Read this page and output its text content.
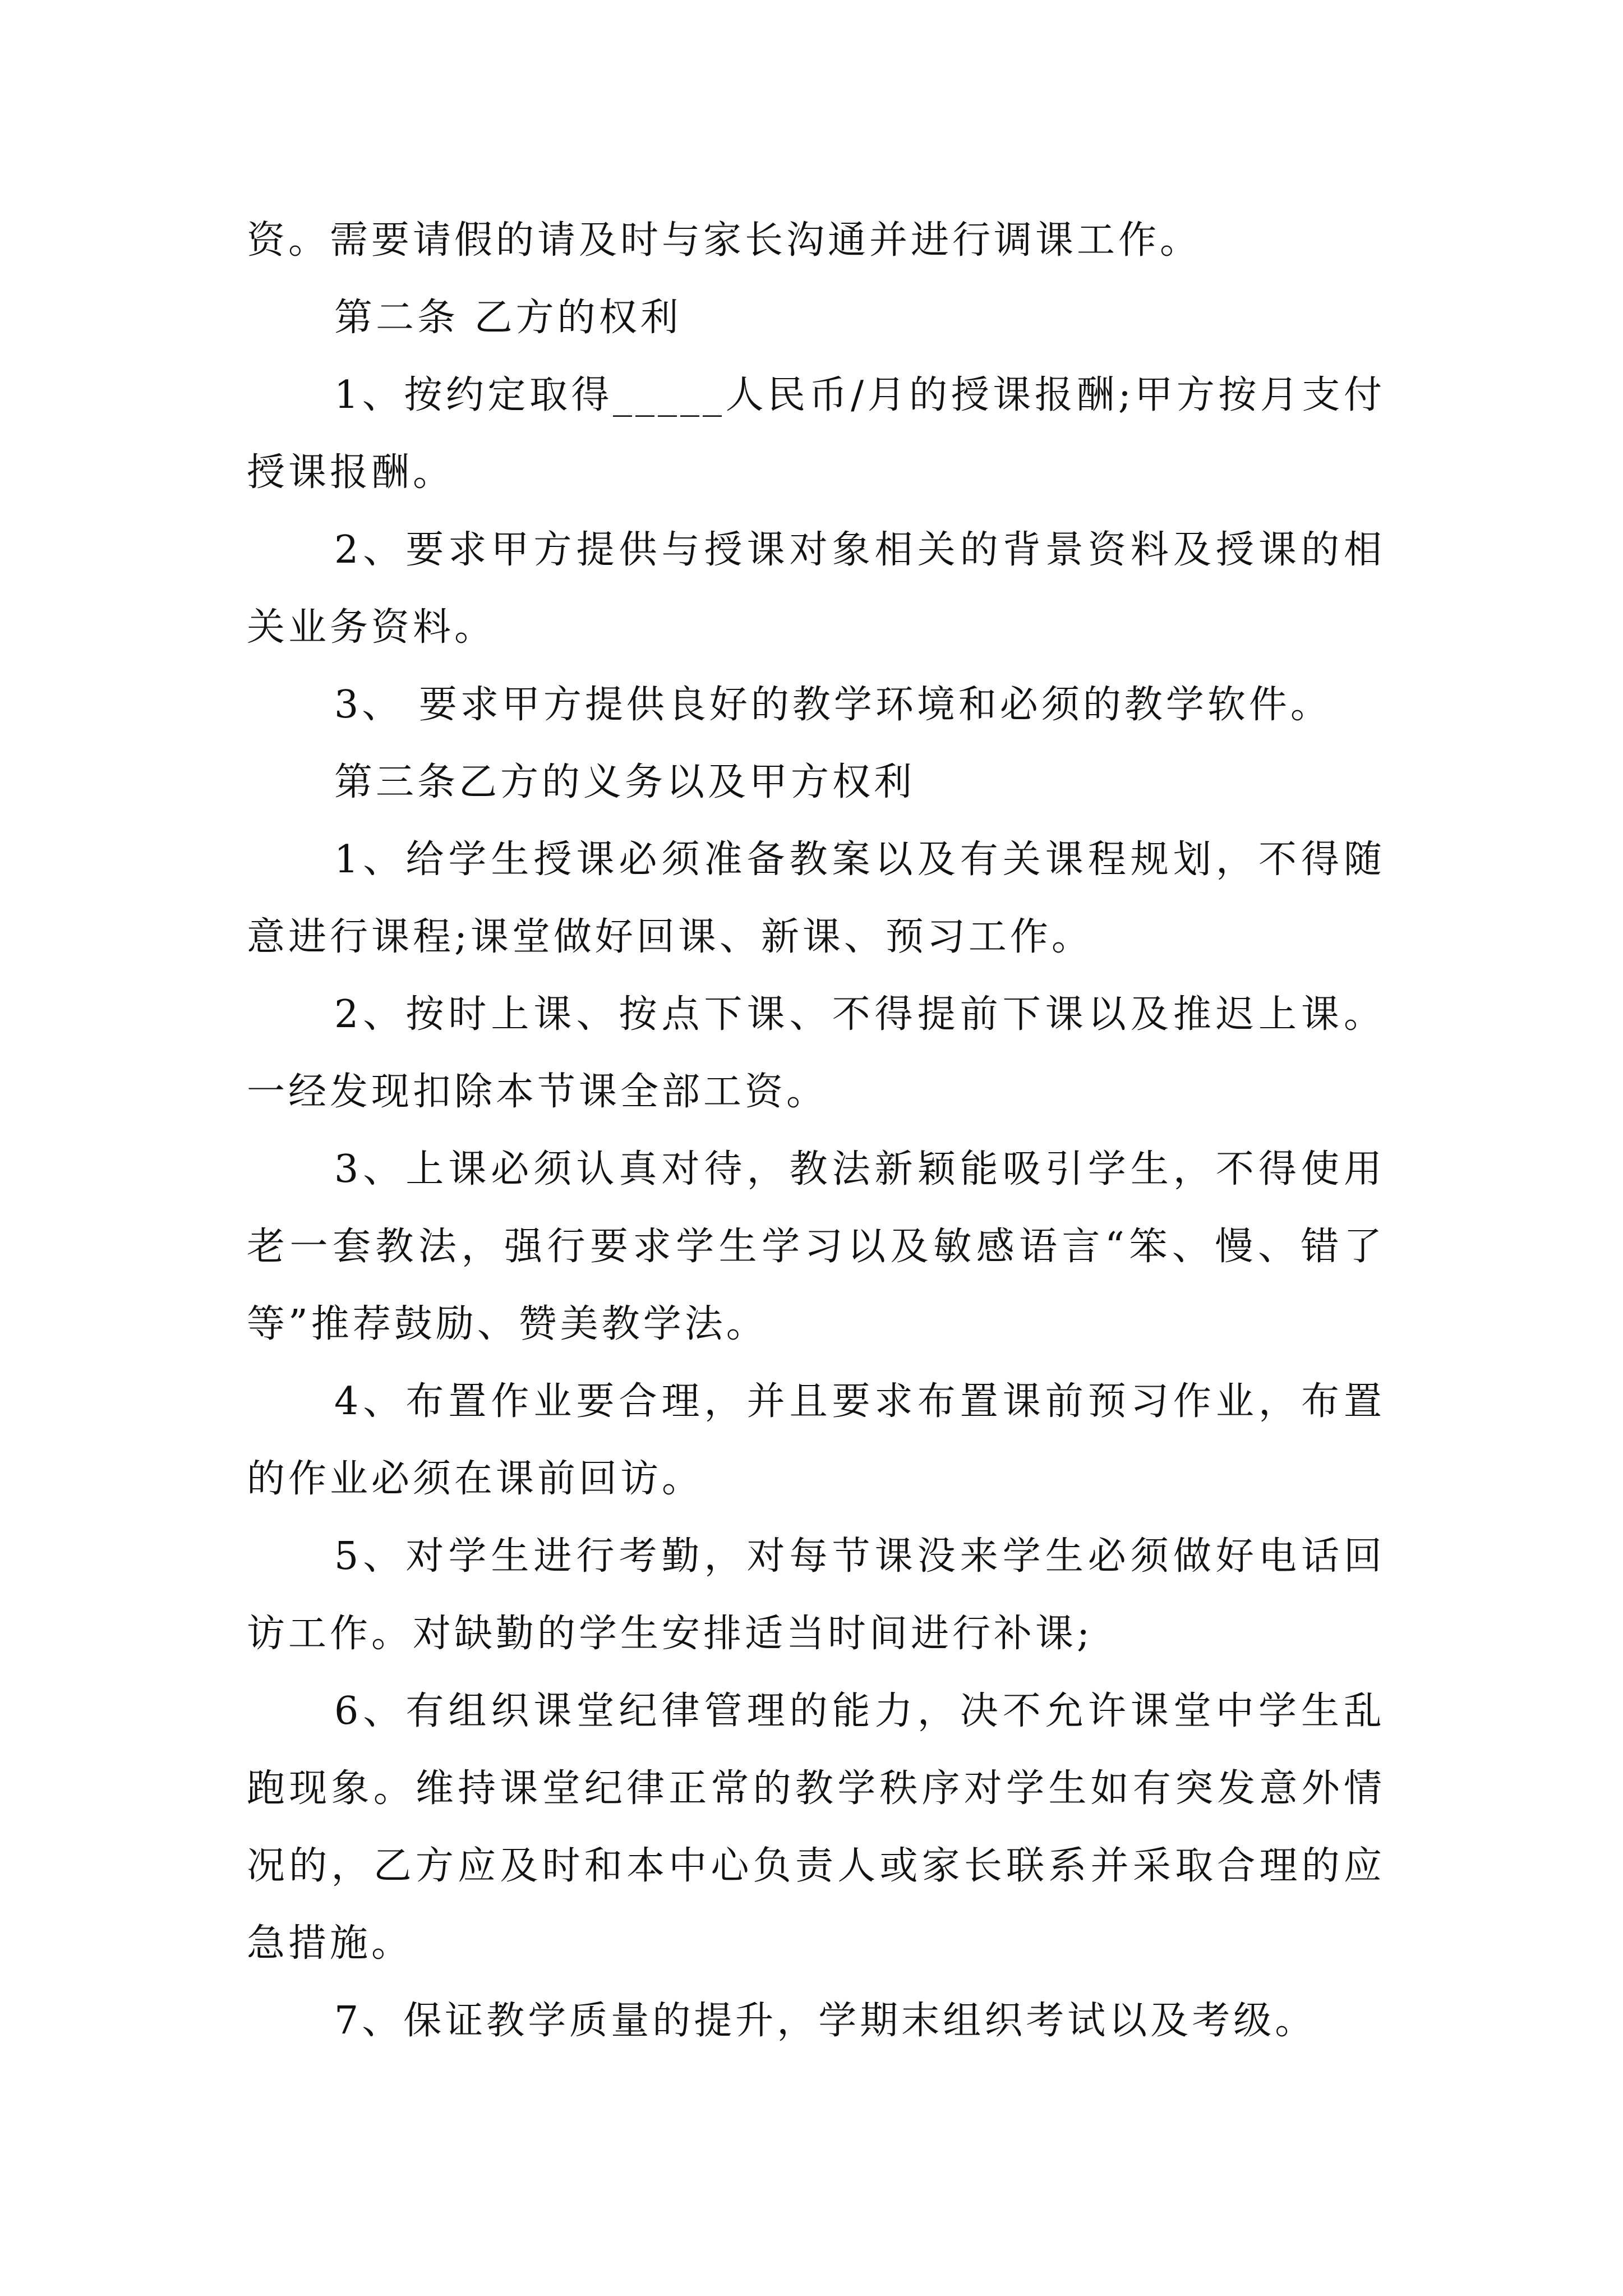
资。需要请假的请及时与家长沟通并进行调课工作。

第二条 乙方的权利

1、按约定取得_____人民币/月的授课报酬;甲方按月支付授课报酬。

2、要求甲方提供与授课对象相关的背景资料及授课的相关业务资料。

3、 要求甲方提供良好的教学环境和必须的教学软件。

第三条乙方的义务以及甲方权利

1、给学生授课必须准备教案以及有关课程规划，不得随意进行课程;课堂做好回课、新课、预习工作。

2、按时上课、按点下课、不得提前下课以及推迟上课。一经发现扣除本节课全部工资。

3、上课必须认真对待，教法新颖能吸引学生，不得使用老一套教法，强行要求学生学习以及敏感语言“笨、慢、错了等”推荐鼓励、赞美教学法。

4、布置作业要合理，并且要求布置课前预习作业，布置的作业必须在课前回访。

5、对学生进行考勤，对每节课没来学生必须做好电话回访工作。对缺勤的学生安排适当时间进行补课;

6、有组织课堂纪律管理的能力，决不允许课堂中学生乱跑现象。维持课堂纪律正常的教学秩序对学生如有突发意外情况的，乙方应及时和本中心负责人或家长联系并采取合理的应急措施。

7、保证教学质量的提升，学期末组织考试以及考级。
